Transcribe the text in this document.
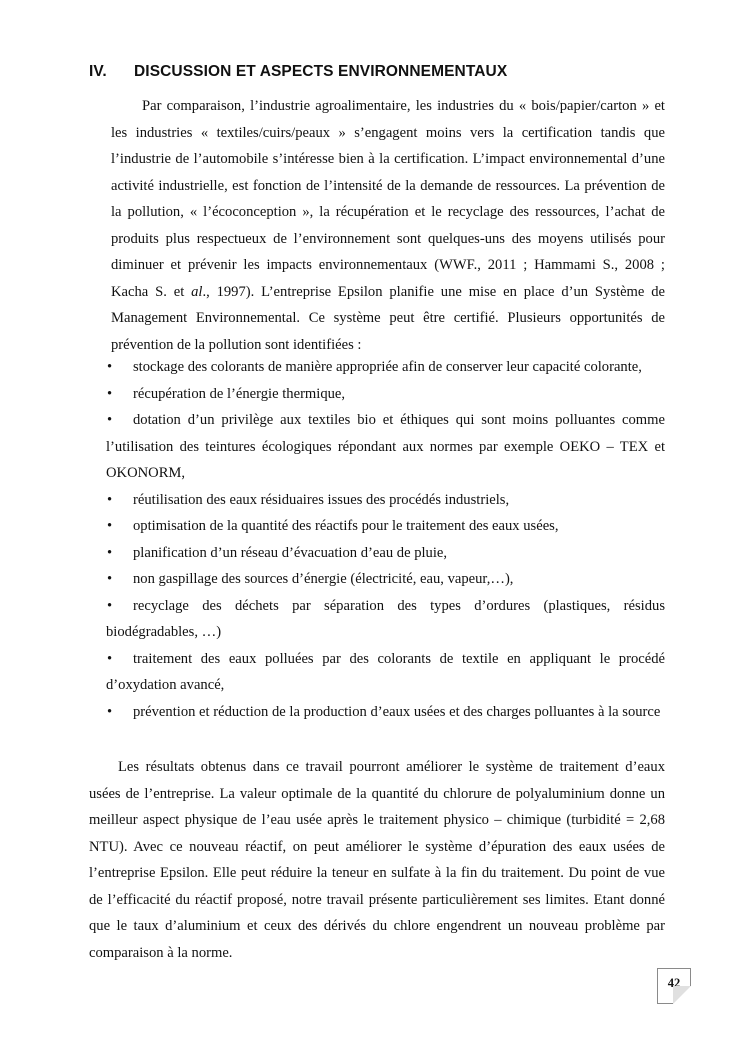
IV. DISCUSSION ET ASPECTS ENVIRONNEMENTAUX
Par comparaison, l’industrie agroalimentaire, les industries du « bois/papier/carton » et les industries « textiles/cuirs/peaux » s’engagent moins vers la certification tandis que l’industrie de l’automobile s’intéresse bien à la certification. L’impact environnemental d’une activité industrielle, est fonction de l’intensité de la demande de ressources. La prévention de la pollution, « l’écoconception », la récupération et le recyclage des ressources, l’achat de produits plus respectueux de l’environnement sont quelques-uns des moyens utilisés pour diminuer et prévenir les impacts environnementaux (WWF., 2011 ; Hammami S., 2008 ; Kacha S. et al., 1997). L’entreprise Epsilon planifie une mise en place d’un Système de Management Environnemental. Ce système peut être certifié. Plusieurs opportunités de prévention de la pollution sont identifiées :
•	stockage des colorants de manière appropriée afin de conserver leur capacité colorante,
•	récupération de l’énergie thermique,
•	dotation d’un privilège aux textiles bio et éthiques qui sont moins polluantes comme l’utilisation des teintures écologiques répondant aux normes par exemple OEKO – TEX et OKONORM,
•	réutilisation des eaux résiduaires issues des procédés industriels,
•	optimisation de la quantité des réactifs pour le traitement des eaux usées,
•	planification d’un réseau d’évacuation d’eau de pluie,
•	non gaspillage des sources d’énergie (électricité, eau, vapeur,…),
•	recyclage des déchets par séparation des types d’ordures (plastiques, résidus biodégradables, …)
•	traitement des eaux polluées par des colorants de textile en appliquant le procédé d’oxydation avancé,
•	prévention et réduction de la production d’eaux usées et des charges polluantes à la source
Les résultats obtenus dans ce travail pourront améliorer le système de traitement d’eaux usées de l’entreprise. La valeur optimale de la quantité du chlorure de polyaluminium donne un meilleur aspect physique de l’eau usée après le traitement physico – chimique (turbidité = 2,68 NTU). Avec ce nouveau réactif, on peut améliorer le système d’épuration des eaux usées de l’entreprise Epsilon. Elle peut réduire la teneur en sulfate à la fin du traitement. Du point de vue de l’efficacité du réactif proposé, notre travail présente particulièrement ses limites. Etant donné que le taux d’aluminium et ceux des dérivés du chlore engendrent un nouveau problème par comparaison à la norme.
42
